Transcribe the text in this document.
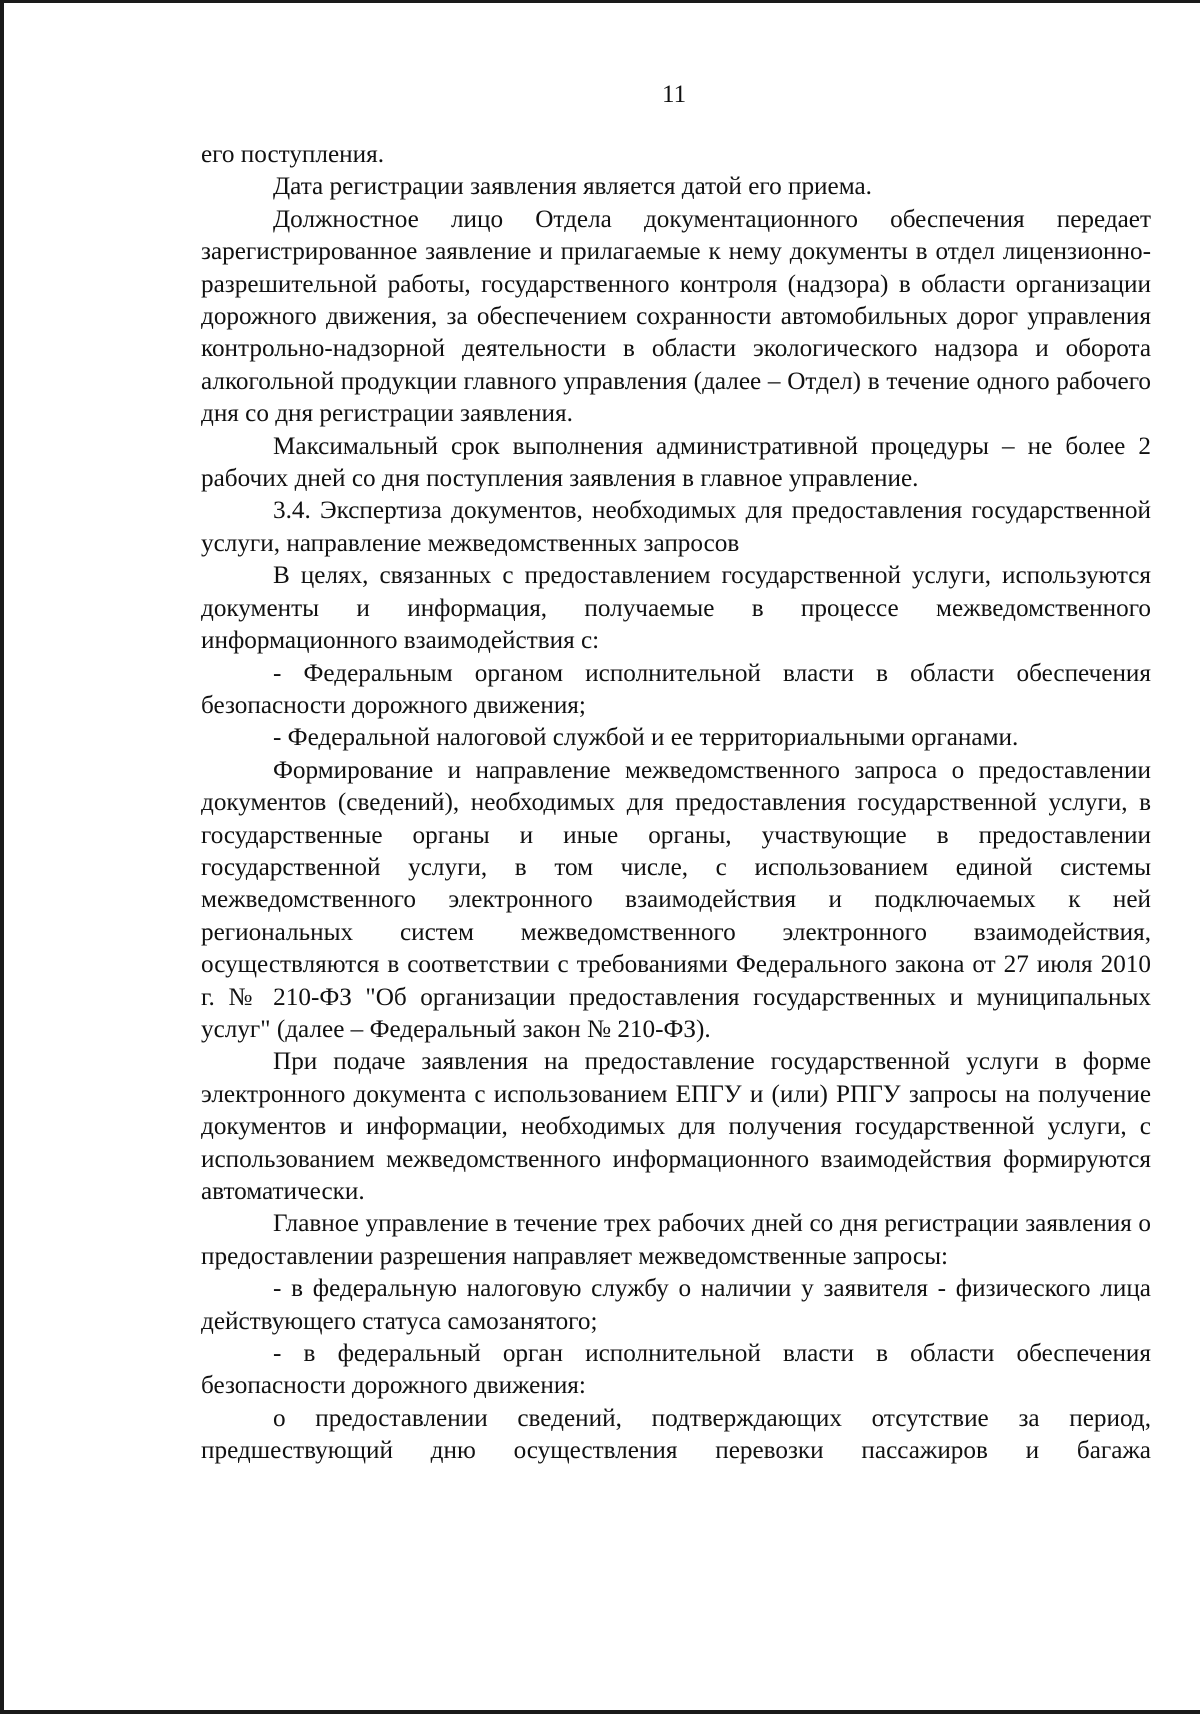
11

его поступления.

Дата регистрации заявления является датой его приема.

Должностное лицо Отдела документационного обеспечения передает зарегистрированное заявление и прилагаемые к нему документы в отдел лицензионно-разрешительной работы, государственного контроля (надзора) в области организации дорожного движения, за обеспечением сохранности автомобильных дорог управления контрольно-надзорной деятельности в области экологического надзора и оборота алкогольной продукции главного управления (далее – Отдел) в течение одного рабочего дня со дня регистрации заявления.

Максимальный срок выполнения административной процедуры – не более 2 рабочих дней со дня поступления заявления в главное управление.

3.4. Экспертиза документов, необходимых для предоставления государственной услуги, направление межведомственных запросов

В целях, связанных с предоставлением государственной услуги, используются документы и информация, получаемые в процессе межведомственного информационного взаимодействия с:

- Федеральным органом исполнительной власти в области обеспечения безопасности дорожного движения;

- Федеральной налоговой службой и ее территориальными органами.

Формирование и направление межведомственного запроса о предоставлении документов (сведений), необходимых для предоставления государственной услуги, в государственные органы и иные органы, участвующие в предоставлении государственной услуги, в том числе, с использованием единой системы межведомственного электронного взаимодействия и подключаемых к ней региональных систем межведомственного электронного взаимодействия, осуществляются в соответствии с требованиями Федерального закона от 27 июля 2010 г. № 210-ФЗ "Об организации предоставления государственных и муниципальных услуг" (далее – Федеральный закон № 210-ФЗ).

При подаче заявления на предоставление государственной услуги в форме электронного документа с использованием ЕПГУ и (или) РПГУ запросы на получение документов и информации, необходимых для получения государственной услуги, с использованием межведомственного информационного взаимодействия формируются автоматически.

Главное управление в течение трех рабочих дней со дня регистрации заявления о предоставлении разрешения направляет межведомственные запросы:

- в федеральную налоговую службу о наличии у заявителя - физического лица действующего статуса самозанятого;

- в федеральный орган исполнительной власти в области обеспечения безопасности дорожного движения:

о предоставлении сведений, подтверждающих отсутствие за период, предшествующий дню осуществления перевозки пассажиров и багажа
